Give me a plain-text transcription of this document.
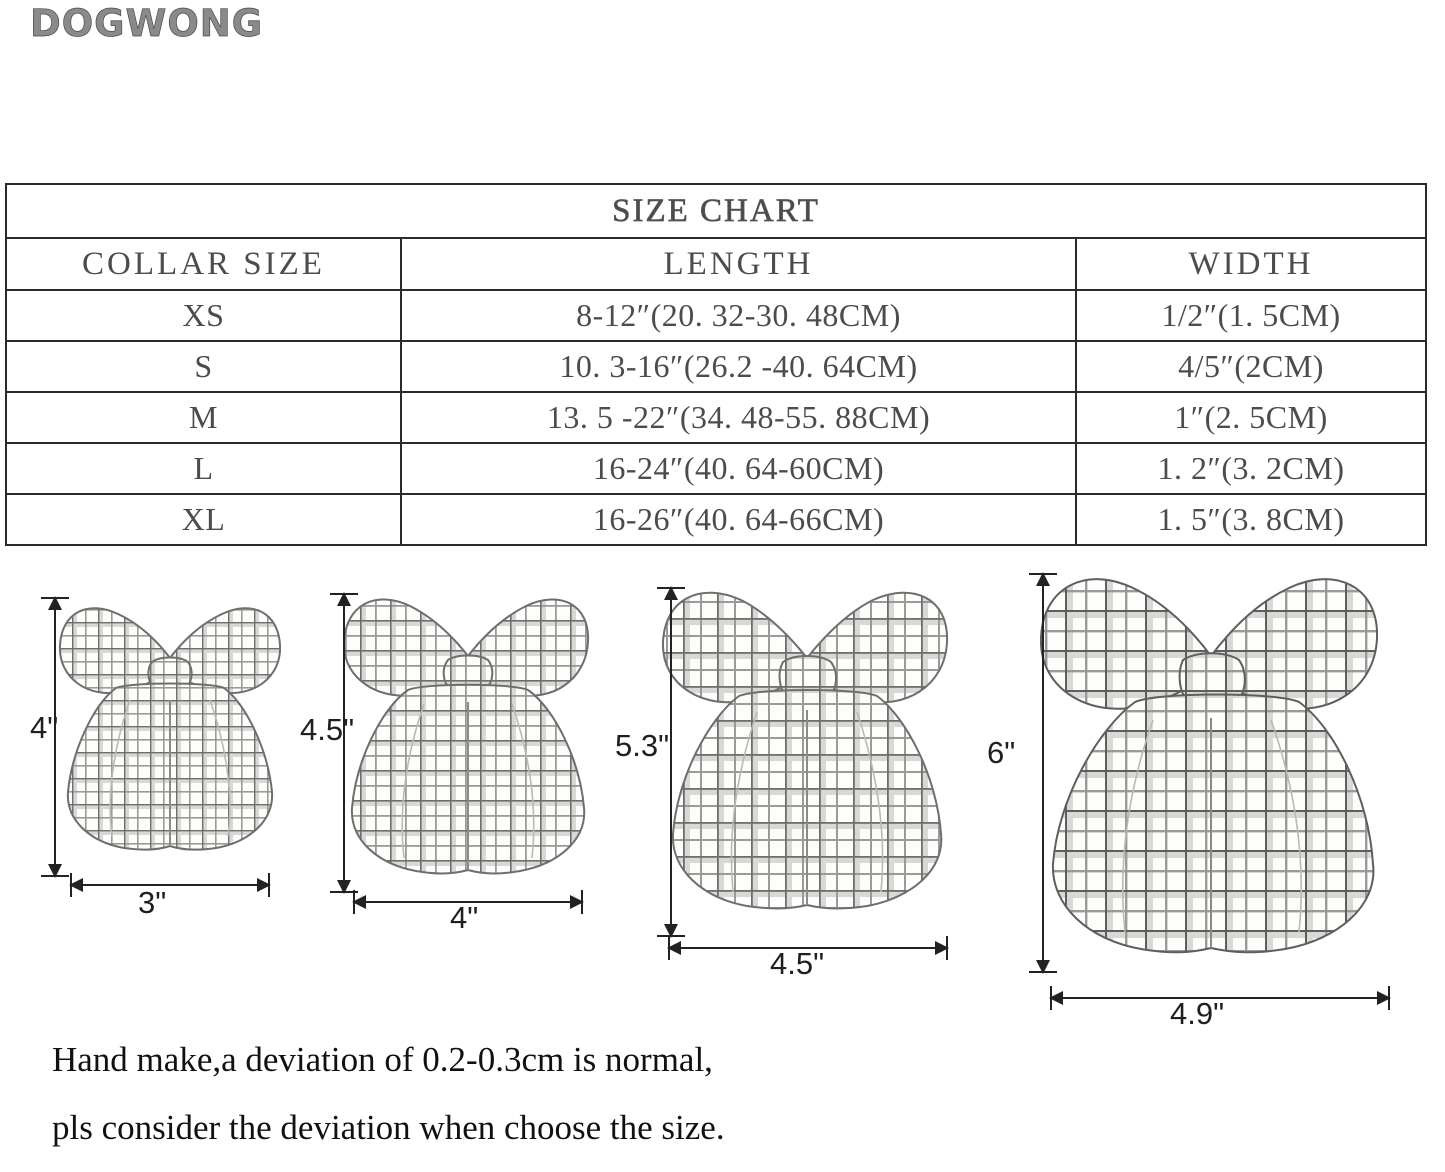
DOGWONG
SIZE CHART		
COLLAR SIZE	LENGTH	WIDTH
XS	8-12″(20. 32-30. 48CM)	1/2″(1. 5CM)
S	10. 3-16″(26.2 -40. 64CM)	4/5″(2CM)
M	13. 5 -22″(34. 48-55. 88CM)	1″(2. 5CM)
L	16-24″(40. 64-60CM)	1. 2″(3. 2CM)
XL	16-26″(40. 64-66CM)	1. 5″(3. 8CM)
4"
3"
4.5"
4"
5.3"
4.5"
6"
4.9"
Hand make,a deviation of 0.2-0.3cm is normal,
pls consider the deviation when choose the size.
